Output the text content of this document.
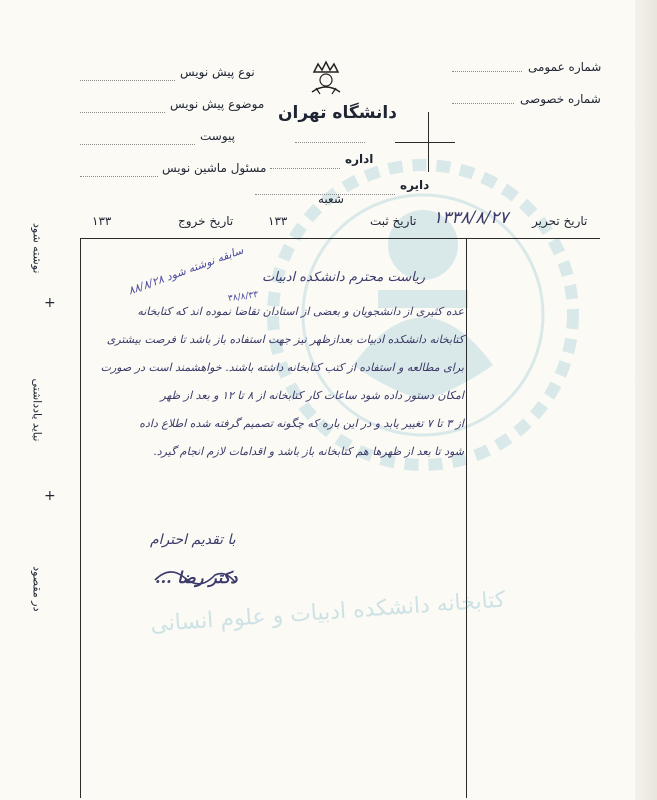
نوع پیش نویس
موضوع پیش نویس
پیوست
مسئول ماشین نویس
دانشگاه تهران
اداره
دایره
شعبه
شماره عمومی
شماره خصوصی
تاریخ تحریر
۱۳۳۸/۸/۲۷
تاریخ ثبت
۱۳۳
تاریخ خروج
۱۳۳
نوشته شود
نباید یادداشتی
در مقصود
+
+
سابقه نوشته شود ۸۸/۸/۲۸
۳۸/۸/۳۳
ریاست محترم دانشکده ادبیات
عده کثیری از دانشجویان و بعضی از استادان تقاضا نموده اند که کتابخانه
کتابخانه دانشکده ادبیات بعدازظهر نیز جهت استفاده باز باشد تا فرصت بیشتری
برای مطالعه و استفاده از کتب کتابخانه داشته باشند. خواهشمند است در صورت
امکان دستور داده شود ساعات کار کتابخانه از ۸ تا ۱۲ و بعد از ظهر
از ۳ تا ۷ تغییر یابد و در این باره که چگونه تصمیم گرفته شده اطلاع داده
شود تا بعد از ظهرها هم کتابخانه باز باشد و اقدامات لازم انجام گیرد.
با تقدیم احترام
دکتر رضا ...
کتابخانه دانشکده ادبیات و علوم انسانی
